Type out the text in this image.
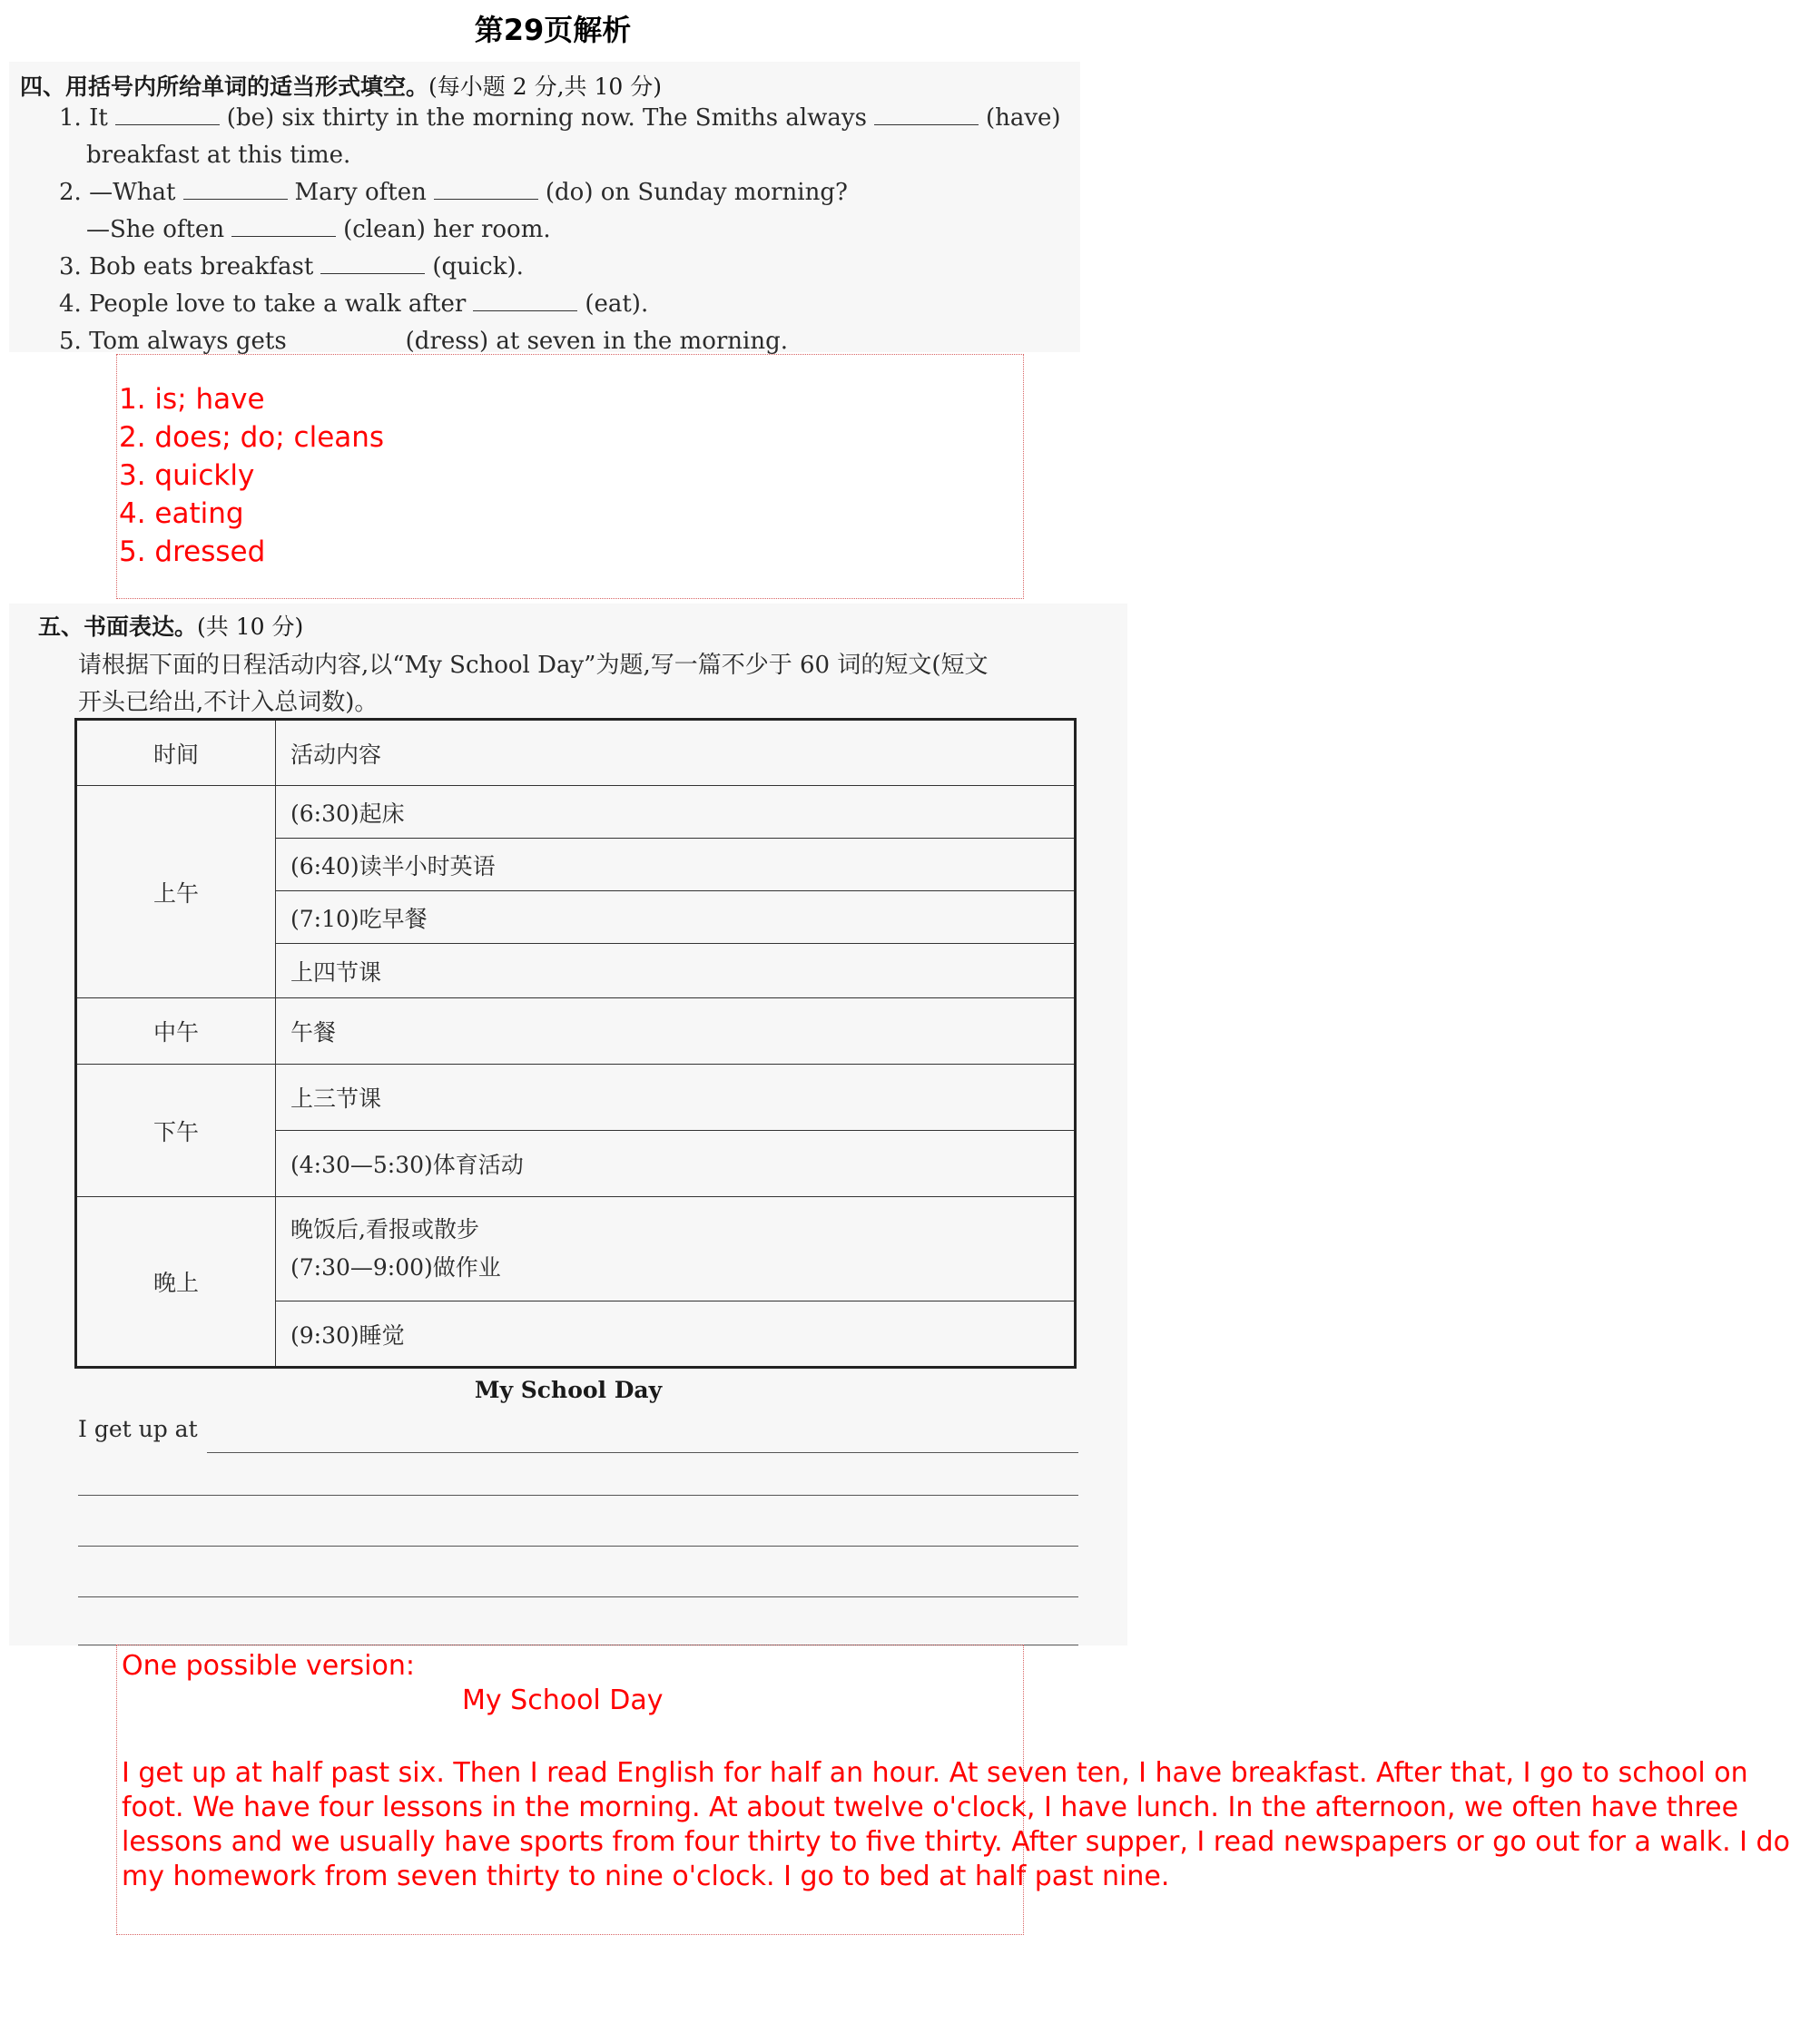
第29页解析
四、用括号内所给单词的适当形式填空。(每小题 2 分,共 10 分)
1. It	(be) six thirty in the morning now. The Smiths always	(have)
breakfast at this time.
2. —What	Mary often	(do) on Sunday morning?
—She often	(clean) her room.
3. Bob eats breakfast	(quick).
4. People love to take a walk after	(eat).
5. Tom always gets	(dress) at seven in the morning.
1. is; have
2. does; do; cleans
3. quickly
4. eating
5. dressed
五、书面表达。(共 10 分)
请根据下面的日程活动内容,以“My School Day”为题,写一篇不少于 60 词的短文(短文
开头已给出,不计入总词数)。
时间	活动内容
上午	(6:30)起床
	(6:40)读半小时英语
	(7:10)吃早餐
	上四节课
中午	午餐
下午	上三节课
	(4:30—5:30)体育活动
晚上	晚饭后,看报或散步
(7:30—9:00)做作业

	(9:30)睡觉
My School Day
I get up at
One possible version:
My School Day
I get up at half past six. Then I read English for half an hour. At seven ten, I have breakfast. After that, I go to school on foot. We have four lessons in the morning. At about twelve o'clock, I have lunch. In the afternoon, we often have three lessons and we usually have sports from four thirty to five thirty. After supper, I read newspapers or go out for a walk. I do my homework from seven thirty to nine o'clock. I go to bed at half past nine.
